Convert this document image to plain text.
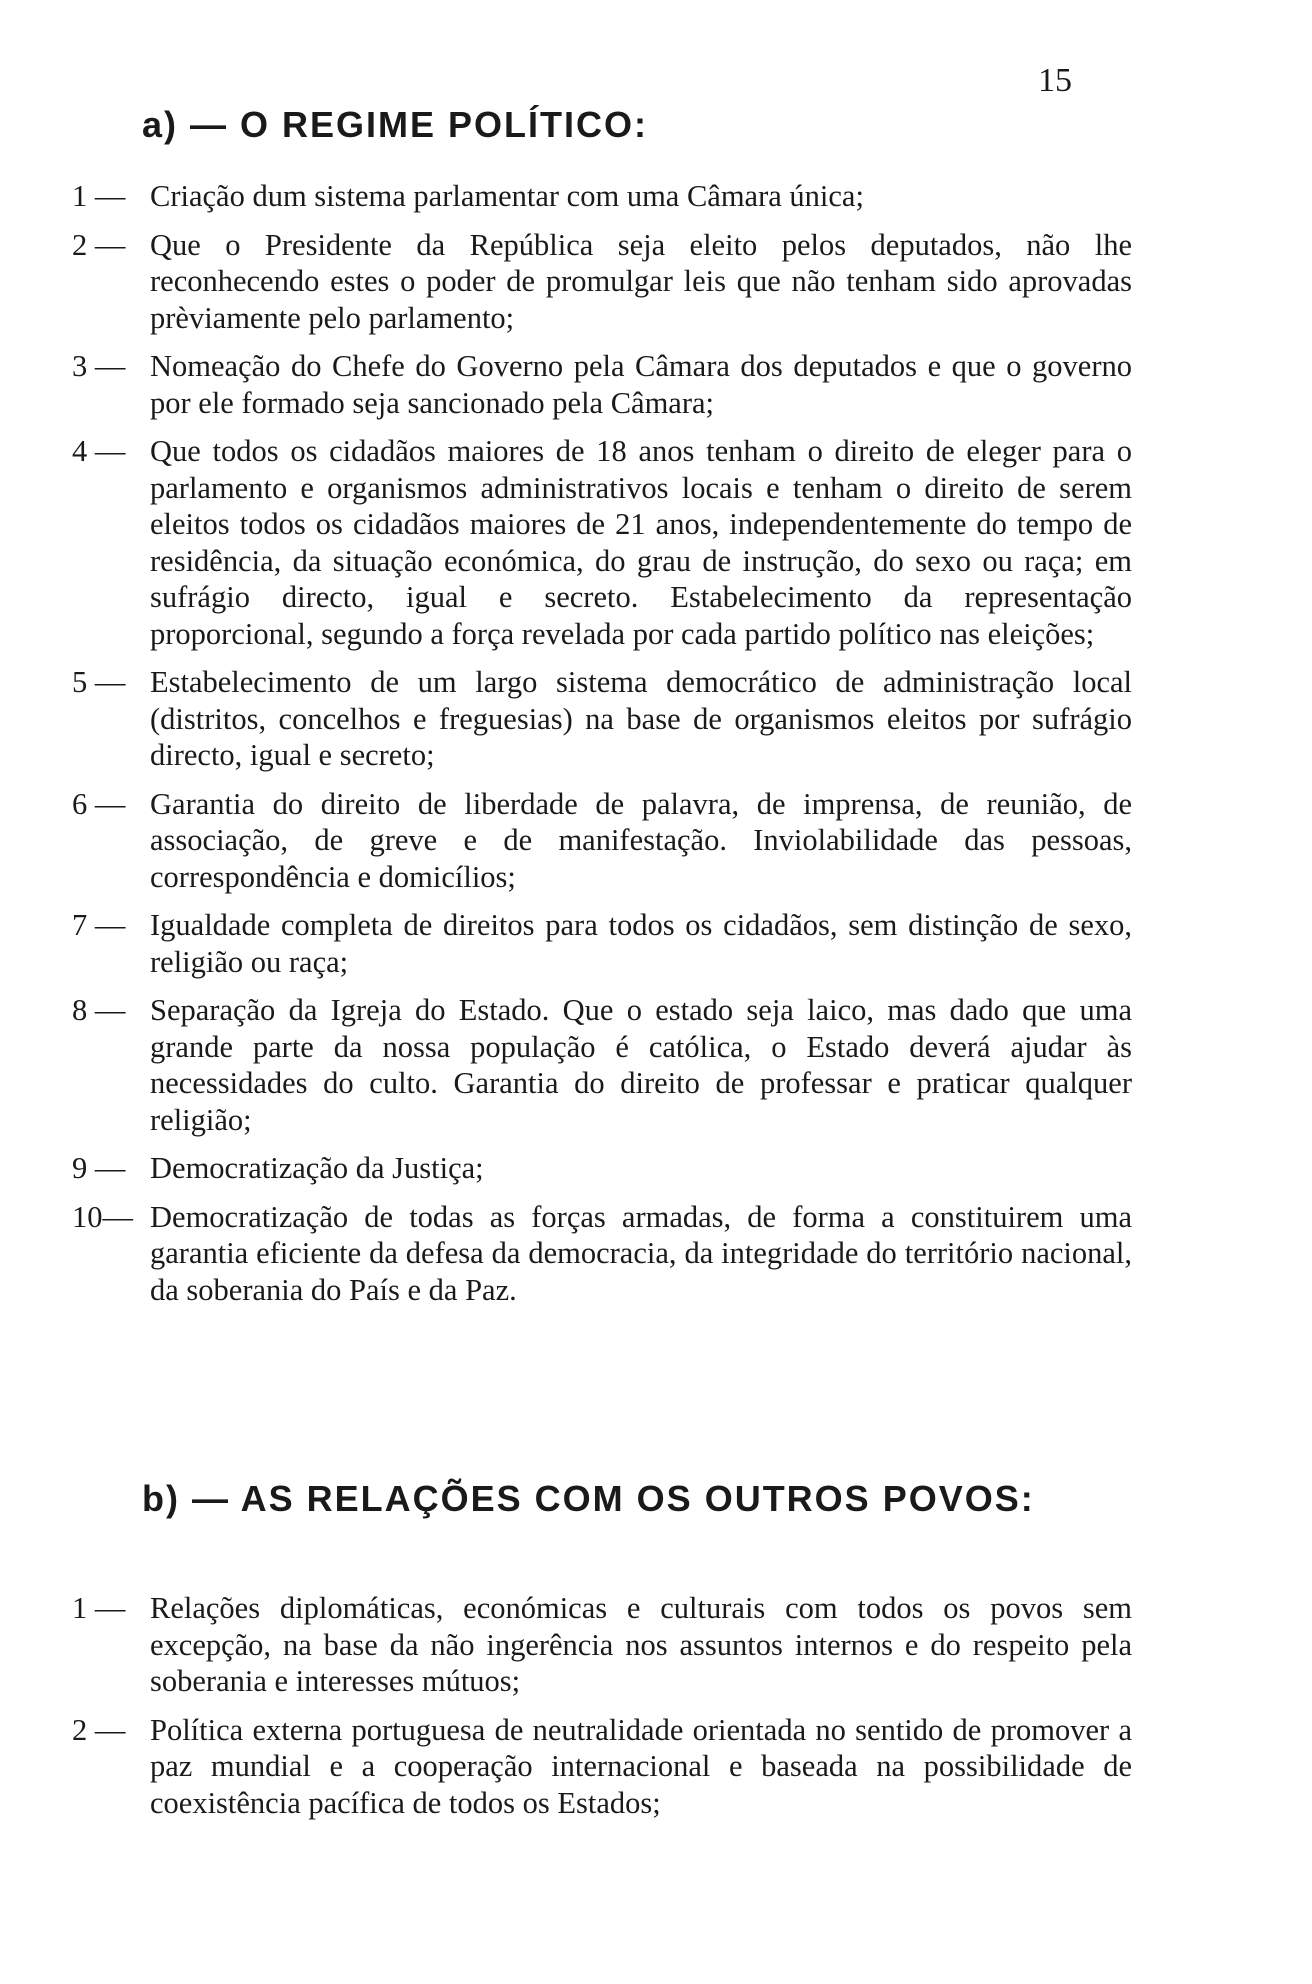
15
a) — O REGIME POLÍTICO:
1 — Criação dum sistema parlamentar com uma Câmara única;
2 — Que o Presidente da República seja eleito pelos deputados, não lhe reconhecendo estes o poder de promulgar leis que não tenham sido aprovadas prèviamente pelo parlamento;
3 — Nomeação do Chefe do Governo pela Câmara dos deputados e que o governo por ele formado seja sancionado pela Câmara;
4 — Que todos os cidadãos maiores de 18 anos tenham o direito de eleger para o parlamento e organismos administrativos locais e tenham o direito de serem eleitos todos os cidadãos maiores de 21 anos, independentemente do tempo de residência, da situação económica, do grau de instrução, do sexo ou raça; em sufrágio directo, igual e secreto. Estabelecimento da representação proporcional, segundo a força revelada por cada partido político nas eleições;
5 — Estabelecimento de um largo sistema democrático de administração local (distritos, concelhos e freguesias) na base de organismos eleitos por sufrágio directo, igual e secreto;
6 — Garantia do direito de liberdade de palavra, de imprensa, de reunião, de associação, de greve e de manifestação. Inviolabilidade das pessoas, correspondência e domicílios;
7 — Igualdade completa de direitos para todos os cidadãos, sem distinção de sexo, religião ou raça;
8 — Separação da Igreja do Estado. Que o estado seja laico, mas dado que uma grande parte da nossa população é católica, o Estado deverá ajudar às necessidades do culto. Garantia do direito de professar e praticar qualquer religião;
9 — Democratização da Justiça;
10— Democratização de todas as forças armadas, de forma a constituirem uma garantia eficiente da defesa da democracia, da integridade do território nacional, da soberania do País e da Paz.
b) — AS RELAÇÕES COM OS OUTROS POVOS:
1 — Relações diplomáticas, económicas e culturais com todos os povos sem excepção, na base da não ingerência nos assuntos internos e do respeito pela soberania e interesses mútuos;
2 — Política externa portuguesa de neutralidade orientada no sentido de promover a paz mundial e a cooperação internacional e baseada na possibilidade de coexistência pacífica de todos os Estados;
